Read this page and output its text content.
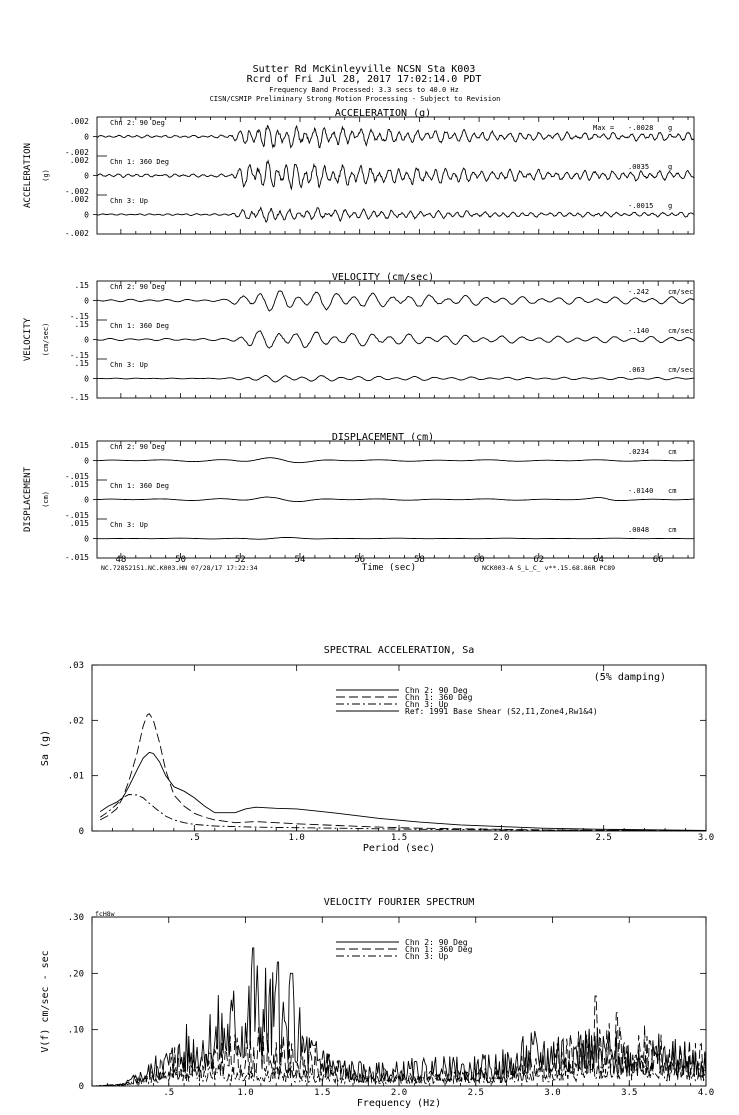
Sutter Rd McKinleyville NCSN Sta K003
Rcrd of Fri Jul 28, 2017 17:02:14.0 PDT
Frequency Band Processed: 3.3 secs to 40.0 Hz
CISN/CSMIP Preliminary Strong Motion Processing - Subject to Revision
ACCELERATION (g)
ACCELERATION (g)
.002
0
-.002
Chn 2: 90 Deg
Max = -.0028 g
.002
0
-.002
Chn 1: 360 Deg
.0035	g
.002
0
-.002
Chn 3: Up
-.0015 g
VELOCITY (cm/sec)
VELOCITY (cm/sec)
.15
0
-.15
Chn 2: 90 Deg
-.242	cm/sec
.15
0
-.15
Chn 1: 360 Deg
-.140	cm/sec
.15
0
-.15
Chn 3: Up
.063	cm/sec
DISPLACEMENT (cm)
DISPLACEMENT (cm)
.015
0
-.015
Chn 2: 90 Deg
.0234	cm
.015
0
-.015
Chn 1: 360 Deg
-.0140 cm
.015
0
-.015
Chn 3: Up
.0048	cm
48	50	52	54	56	58	60	62	64	66
Time (sec)
NC.72852151.NC.K003.HN 07/28/17 17:22:34	NCK003-A S_L_C_ v**.15.68.86R PC89
SPECTRAL ACCELERATION, Sa
Period (sec)
Sa (g)
.5	1.0	1.5	2.0	2.5	3.0
0
.01
.02
.03
Chn 2: 90 Deg
Chn 1: 360 Deg
Chn 3: Up
Ref: 1991 Base Shear (S2,I1,Zone4,Rw1&4)
(5% damping)
VELOCITY FOURIER SPECTRUM
Frequency (Hz)
V(f) cm/sec - sec
.5	1.0	1.5	2.0	2.5	3.0	3.5	4.0
0
.10
.20
.30
Chn 2: 90 Deg
Chn 1: 360 Deg
Chn 3: Up
fcH8w
